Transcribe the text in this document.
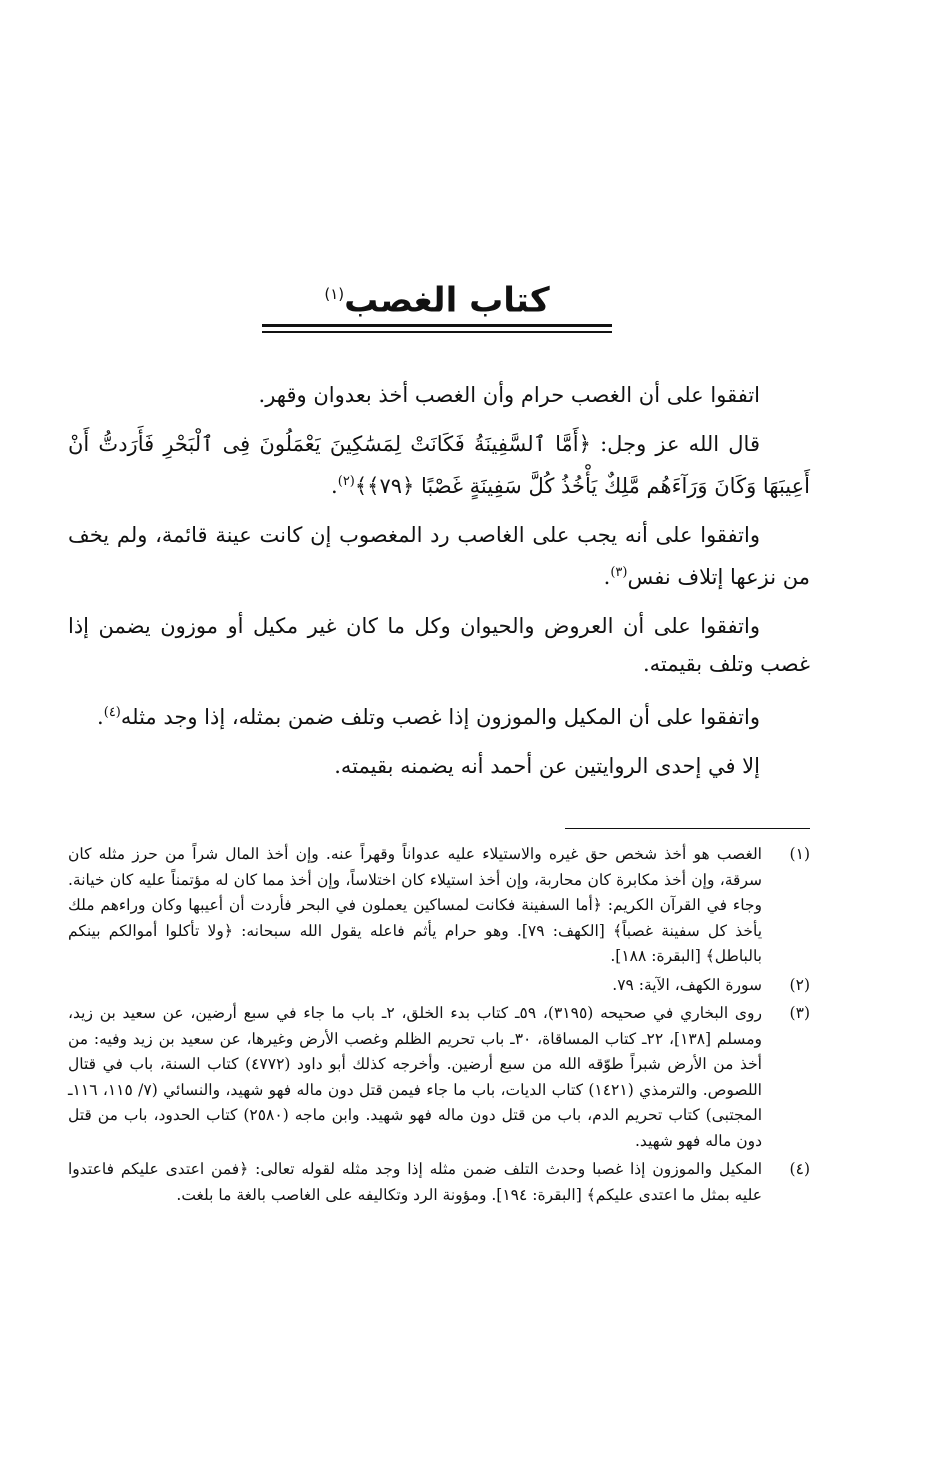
كتاب الغصب$^{(١)}$

اتفقوا على أن الغصب حرام وأن الغصب أخذ بعدوان وقهر.

قال الله عز وجل: ﴿أَمَّا ٱلسَّفِينَةُ فَكَانَتْ لِمَسَٰكِينَ يَعْمَلُونَ فِى ٱلْبَحْرِ فَأَرَدتُّ أَنْ أَعِيبَهَا وَكَانَ وَرَآءَهُم مَّلِكٌ يَأْخُذُ كُلَّ سَفِينَةٍ غَصْبًا ﴿٧٩﴾﴾$^{(٢)}$.

واتفقوا على أنه يجب على الغاصب رد المغصوب إن كانت عينة قائمة، ولم يخف من نزعها إتلاف نفس$^{(٣)}$.

واتفقوا على أن العروض والحيوان وكل ما كان غير مكيل أو موزون يضمن إذا غصب وتلف بقيمته.

واتفقوا على أن المكيل والموزون إذا غصب وتلف ضمن بمثله، إذا وجد مثله$^{(٤)}$.

إلا في إحدى الروايتين عن أحمد أنه يضمنه بقيمته.

(١)
الغصب هو أخذ شخص حق غيره والاستيلاء عليه عدواناً وقهراً عنه. وإن أخذ المال شراً من حرز مثله كان سرقة، وإن أخذ مكابرة كان محاربة، وإن أخذ استيلاء كان اختلاساً، وإن أخذ مما كان له مؤتمناً عليه كان خيانة. وجاء في القرآن الكريم: ﴿أما السفينة فكانت لمساكين يعملون في البحر فأردت أن أعيبها وكان وراءهم ملك يأخذ كل سفينة غصباً﴾ [الكهف: ٧٩]. وهو حرام يأثم فاعله يقول الله سبحانه: ﴿ولا تأكلوا أموالكم بينكم بالباطل﴾ [البقرة: ١٨٨].
(٢)
سورة الكهف، الآية: ٧٩.
(٣)
روى البخاري في صحيحه (٣١٩٥)، ٥٩ـ كتاب بدء الخلق، ٢ـ باب ما جاء في سبع أرضين، عن سعيد بن زيد، ومسلم [١٣٨]، ٢٢ـ كتاب المساقاة، ٣٠ـ باب تحريم الظلم وغصب الأرض وغيرها، عن سعيد بن زيد وفيه: من أخذ من الأرض شبراً طوّقه الله من سبع أرضين. وأخرجه كذلك أبو داود (٤٧٧٢) كتاب السنة، باب في قتال اللصوص. والترمذي (١٤٢١) كتاب الديات، باب ما جاء فيمن قتل دون ماله فهو شهيد، والنسائي (٧/ ١١٥، ١١٦ـ المجتبى) كتاب تحريم الدم، باب من قتل دون ماله فهو شهيد. وابن ماجه (٢٥٨٠) كتاب الحدود، باب من قتل دون ماله فهو شهيد.
(٤)
المكيل والموزون إذا غصبا وحدث التلف ضمن مثله إذا وجد مثله لقوله تعالى: ﴿فمن اعتدى عليكم فاعتدوا عليه بمثل ما اعتدى عليكم﴾ [البقرة: ١٩٤]. ومؤونة الرد وتكاليفه على الغاصب بالغة ما بلغت.
